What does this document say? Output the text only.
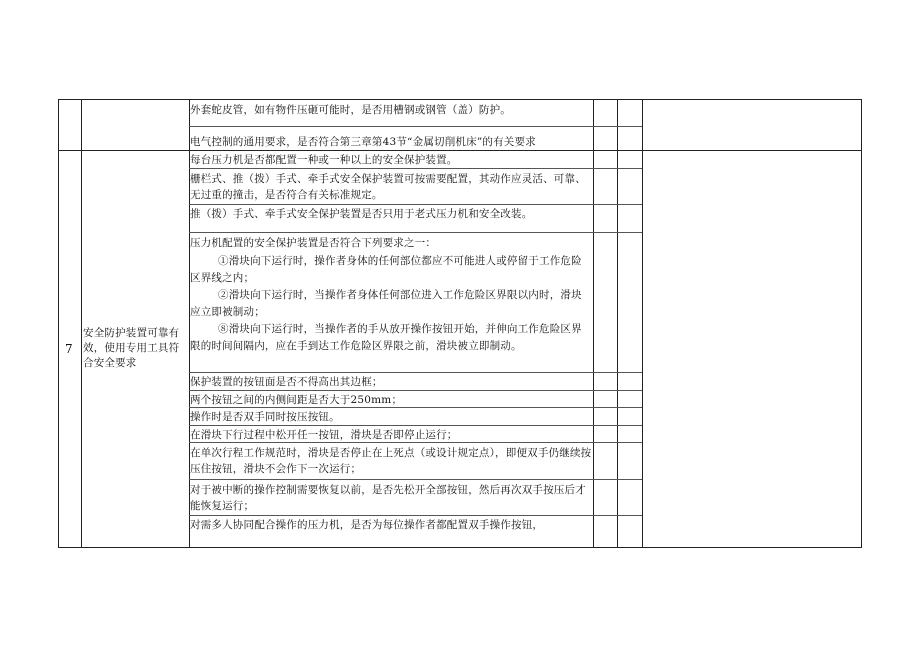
外套蛇皮管，如有物件压砸可能时，是否用槽钢或钢管（盖）防护。
电气控制的通用要求，是否符合第三章第43节“金属切削机床”的有关要求
7
安全防护装置可靠有效，使用专用工具符合安全要求
每台压力机是否都配置一种或一种以上的安全保护装置。
栅栏式、推（拨）手式、牵手式安全保护装置可按需要配置，其动作应灵活、可靠、无过重的撞击，是否符合有关标准规定。
推（拨）手式、牵手式安全保护装置是否只用于老式压力机和安全改装。
压力机配置的安全保护装置是否符合下列要求之一：
①滑块向下运行时，操作者身体的任何部位都应不可能进人或停留于工作危险区界线之内；
②滑块向下运行时，当操作者身体任何部位进入工作危险区界限以内时，滑块应立即被制动；
⑧滑块向下运行时，当操作者的手从放开操作按钮开始，并伸向工作危险区界限的时间间隔内，应在手到达工作危险区界限之前，滑块被立即制动。
保护装置的按钮面是否不得高出其边框；
两个按钮之间的内侧间距是否大于250mm；
操作时是否双手同时按压按钮。
在滑块下行过程中松开任一按钮，滑块是否即停止运行；
在单次行程工作规范时，滑块是否停止在上死点（或设计规定点），即便双手仍继续按压住按钮，滑块不会作下一次运行；
对于被中断的操作控制需要恢复以前，是否先松开全部按钮，然后再次双手按压后才能恢复运行；
对需多人协同配合操作的压力机，是否为每位操作者都配置双手操作按钮，
